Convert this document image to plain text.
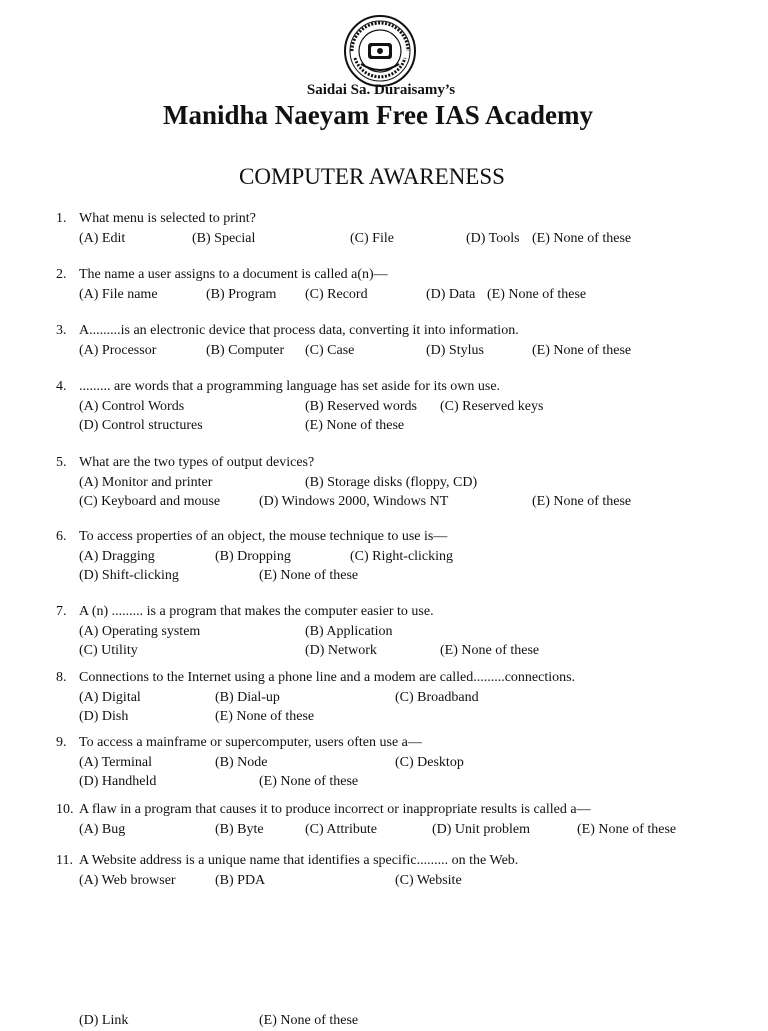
Saidai Sa. Duraisamy’s
Manidha Naeyam Free IAS Academy
COMPUTER AWARENESS
1. What menu is selected to print?
(A) Edit	(B) Special	(C) File	(D) Tools (E) None of these
2. The name a user assigns to a document is called a(n)—
(A) File name	(B) Program (C) Record	(D) Data (E) None of these
3. A.........is an electronic device that process data, converting it into information.
(A) Processor	(B) Computer (C) Case	(D) Stylus	(E) None of these
4. ......... are words that a programming language has set aside for its own use.
(A) Control Words	(B) Reserved words (C) Reserved keys
(D) Control structures	(E) None of these
5. What are the two types of output devices?
(A) Monitor and printer	(B) Storage disks (floppy, CD)
(C) Keyboard and mouse	(D) Windows 2000, Windows NT	(E) None of these
6. To access properties of an object, the mouse technique to use is—
(A) Dragging	(B) Dropping	(C) Right-clicking
(D) Shift-clicking	(E) None of these
7. A (n) ......... is a program that makes the computer easier to use.
(A) Operating system	(B) Application
(C) Utility	(D) Network	(E) None of these
8. Connections to the Internet using a phone line and a modem are called.........connections.
(A) Digital	(B) Dial-up	(C) Broadband
(D) Dish	(E) None of these
9. To access a mainframe or supercomputer, users often use a—
(A) Terminal	(B) Node	(C) Desktop
(D) Handheld	(E) None of these
10. A flaw in a program that causes it to produce incorrect or inappropriate results is called a—
(A) Bug	(B) Byte	(C) Attribute	(D) Unit problem	(E) None of these
11. A Website address is a unique name that identifies a specific......... on the Web.
(A) Web browser	(B) PDA	(C) Website
(D) Link	(E) None of these
